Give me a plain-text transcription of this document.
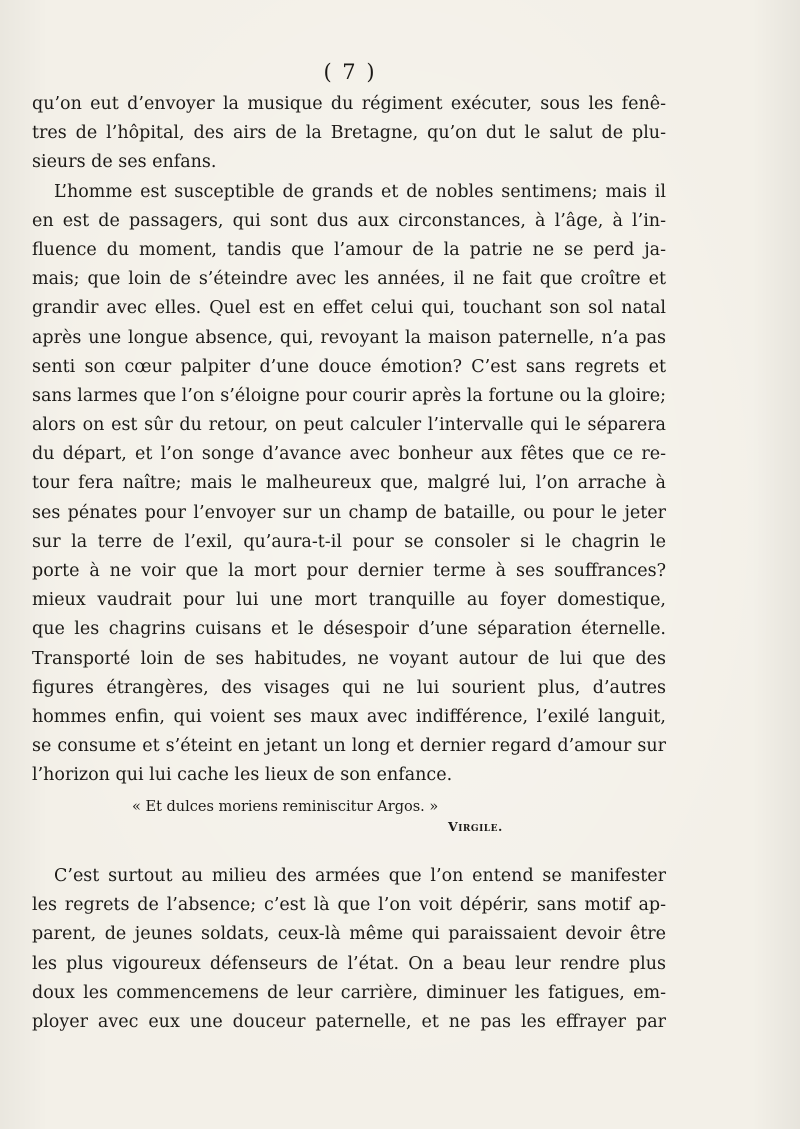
( 7 )
qu’on eut d’envoyer la musique du régiment exécuter, sous les fenê-
tres de l’hôpital, des airs de la Bretagne, qu’on dut le salut de plu-
sieurs de ses enfans.
L’homme est susceptible de grands et de nobles sentimens; mais il
en est de passagers, qui sont dus aux circonstances, à l’âge, à l’in-
fluence du moment, tandis que l’amour de la patrie ne se perd ja-
mais; que loin de s’éteindre avec les années, il ne fait que croître et
grandir avec elles. Quel est en effet celui qui, touchant son sol natal
après une longue absence, qui, revoyant la maison paternelle, n’a pas
senti son cœur palpiter d’une douce émotion? C’est sans regrets et
sans larmes que l’on s’éloigne pour courir après la fortune ou la gloire;
alors on est sûr du retour, on peut calculer l’intervalle qui le séparera
du départ, et l’on songe d’avance avec bonheur aux fêtes que ce re-
tour fera naître; mais le malheureux que, malgré lui, l’on arrache à
ses pénates pour l’envoyer sur un champ de bataille, ou pour le jeter
sur la terre de l’exil, qu’aura-t-il pour se consoler si le chagrin le
porte à ne voir que la mort pour dernier terme à ses souffrances?
mieux vaudrait pour lui une mort tranquille au foyer domestique,
que les chagrins cuisans et le désespoir d’une séparation éternelle.
Transporté loin de ses habitudes, ne voyant autour de lui que des
figures étrangères, des visages qui ne lui sourient plus, d’autres
hommes enfin, qui voient ses maux avec indifférence, l’exilé languit,
se consume et s’éteint en jetant un long et dernier regard d’amour sur
l’horizon qui lui cache les lieux de son enfance.
« Et dulces moriens reminiscitur Argos. »
Virgile.
C’est surtout au milieu des armées que l’on entend se manifester
les regrets de l’absence; c’est là que l’on voit dépérir, sans motif ap-
parent, de jeunes soldats, ceux-là même qui paraissaient devoir être
les plus vigoureux défenseurs de l’état. On a beau leur rendre plus
doux les commencemens de leur carrière, diminuer les fatigues, em-
ployer avec eux une douceur paternelle, et ne pas les effrayer par
